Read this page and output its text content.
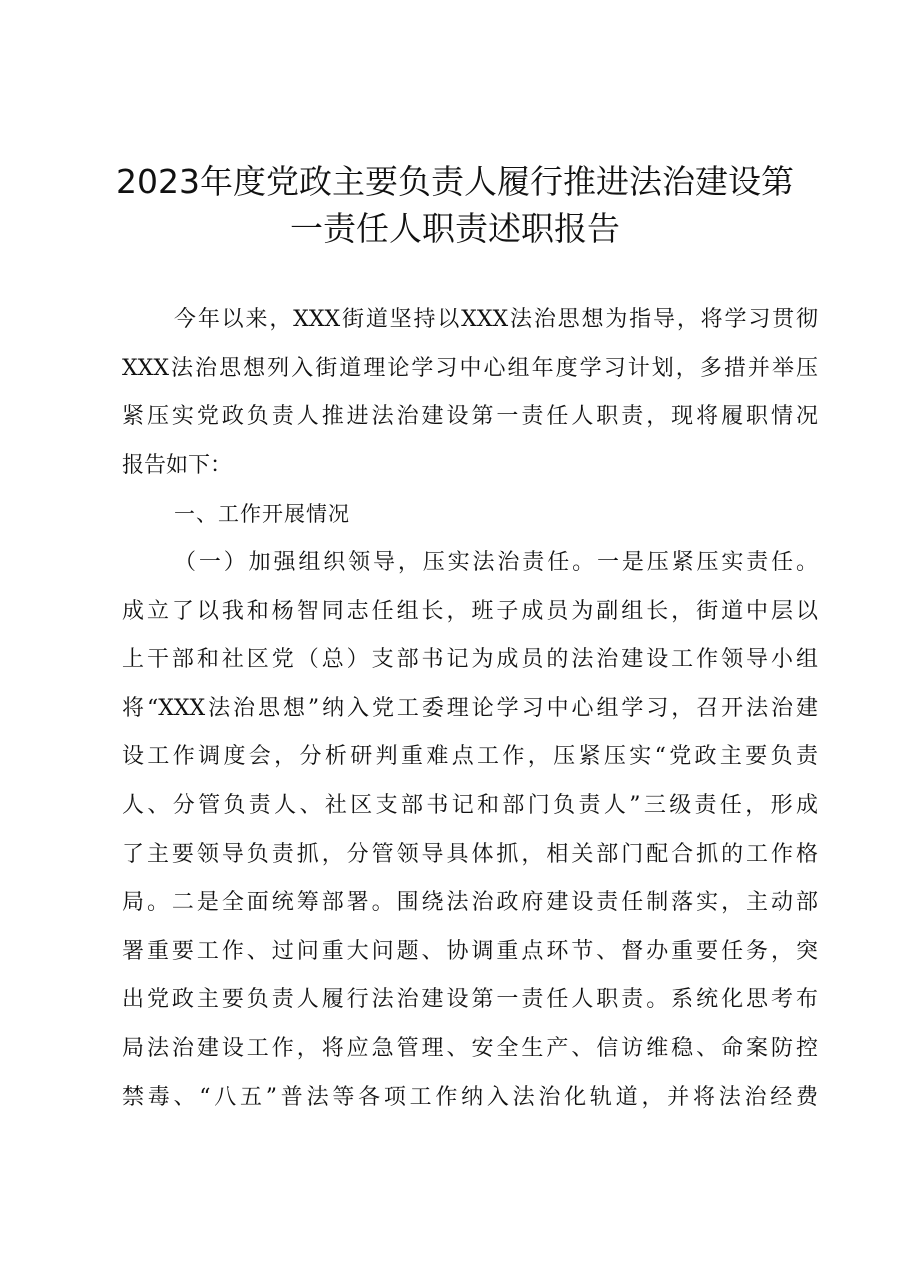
2023年度党政主要负责人履行推进法治建设第
一责任人职责述职报告
今年以来，XXX街道坚持以XXX法治思想为指导，将学习贯彻
XXX法治思想列入街道理论学习中心组年度学习计划，多措并举压
紧压实党政负责人推进法治建设第一责任人职责，现将履职情况
报告如下：
一、工作开展情况
（一）加强组织领导，压实法治责任。一是压紧压实责任。
成立了以我和杨智同志任组长，班子成员为副组长，街道中层以
上干部和社区党（总）支部书记为成员的法治建设工作领导小组
将“XXX法治思想”纳入党工委理论学习中心组学习，召开法治建
设工作调度会，分析研判重难点工作，压紧压实“党政主要负责
人、分管负责人、社区支部书记和部门负责人”三级责任，形成
了主要领导负责抓，分管领导具体抓，相关部门配合抓的工作格
局。二是全面统筹部署。围绕法治政府建设责任制落实，主动部
署重要工作、过问重大问题、协调重点环节、督办重要任务，突
出党政主要负责人履行法治建设第一责任人职责。系统化思考布
局法治建设工作，将应急管理、安全生产、信访维稳、命案防控
禁毒、“八五”普法等各项工作纳入法治化轨道，并将法治经费
